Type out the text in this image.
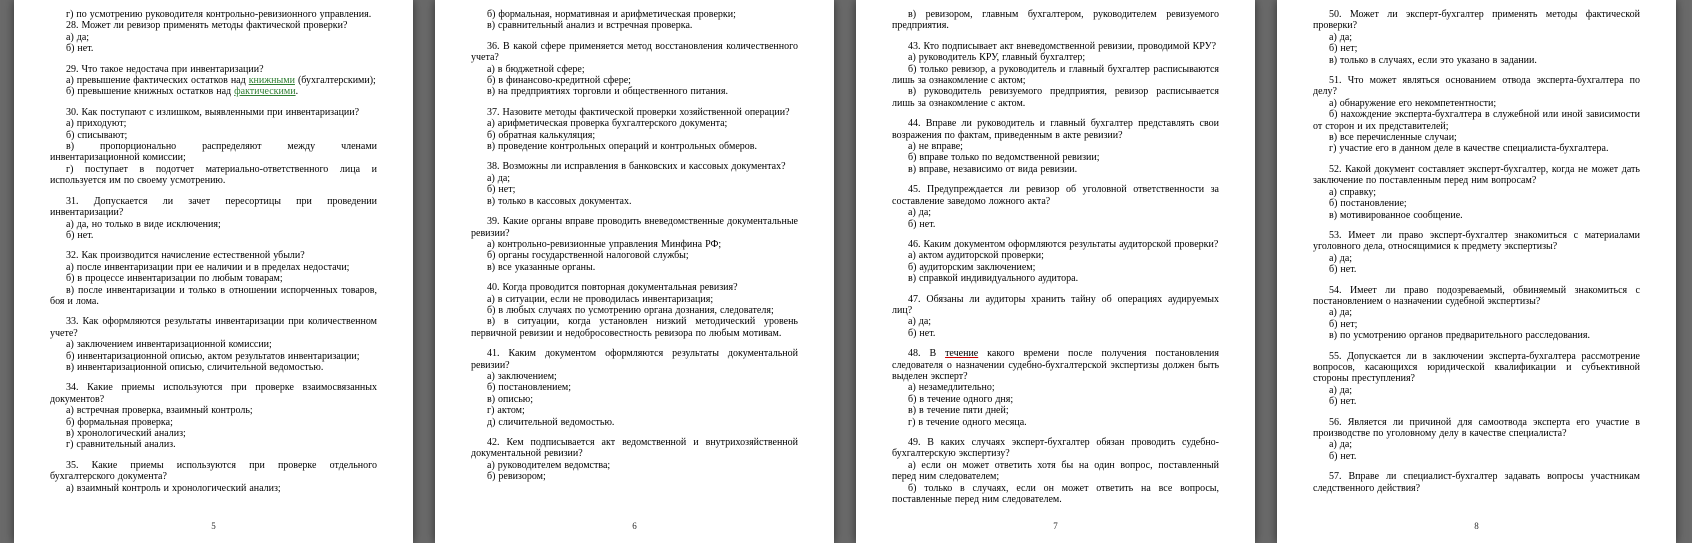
г) по усмотрению руководителя контрольно-ревизионного управления.

28. Может ли ревизор применять методы фактической проверки?

а) да;

б) нет.

29. Что такое недостача при инвентаризации?

а) превышение фактических остатков над книжными (бухгалтерскими);

б) превышение книжных остатков над фактическими.

30. Как поступают с излишком, выявленными при инвентаризации?

а) приходуют;

б) списывают;

в) пропорционально распределяют между членами инвентаризационной комиссии;

г) поступает в подотчет материально-ответственного лица и используется им по своему усмотрению.

31. Допускается ли зачет пересортицы при проведении инвентаризации?

а) да, но только в виде исключения;

б) нет.

32. Как производится начисление естественной убыли?

а) после инвентаризации при ее наличии и в пределах недостачи;

б) в процессе инвентаризации по любым товарам;

в) после инвентаризации и только в отношении испорченных товаров, боя и лома.

33. Как оформляются результаты инвентаризации при количественном учете?

а) заключением инвентаризационной комиссии;

б) инвентаризационной описью, актом результатов инвентаризации;

в) инвентаризационной описью, сличительной ведомостью.

34. Какие приемы используются при проверке взаимосвязанных документов?

а) встречная проверка, взаимный контроль;

б) формальная проверка;

в) хронологический анализ;

г) сравнительный анализ.

35. Какие приемы используются при проверке отдельного бухгалтерского документа?

а) взаимный контроль и хронологический анализ;

5

б) формальная, нормативная и арифметическая проверки;

в) сравнительный анализ и встречная проверка.

36. В какой сфере применяется метод восстановления количественного учета?

а) в бюджетной сфере;

б) в финансово-кредитной сфере;

в) на предприятиях торговли и общественного питания.

37. Назовите методы фактической проверки хозяйственной операции?

а) арифметическая проверка бухгалтерского документа;

б) обратная калькуляция;

в) проведение контрольных операций и контрольных обмеров.

38. Возможны ли исправления в банковских и кассовых документах?

а) да;

б) нет;

в) только в кассовых документах.

39. Какие органы вправе проводить вневедомственные документальные ревизии?

а) контрольно-ревизионные управления Минфина РФ;

б) органы государственной налоговой службы;

в) все указанные органы.

40. Когда проводится повторная документальная ревизия?

а) в ситуации, если не проводилась инвентаризация;

б) в любых случаях по усмотрению органа дознания, следователя;

в) в ситуации, когда установлен низкий методический уровень первичной ревизии и недобросовестность ревизора по любым мотивам.

41. Каким документом оформляются результаты документальной ревизии?

а) заключением;

б) постановлением;

в) описью;

г) актом;

д) сличительной ведомостью.

42. Кем подписывается акт ведомственной и внутрихозяйственной документальной ревизии?

а) руководителем ведомства;

б) ревизором;

6

в) ревизором, главным бухгалтером, руководителем ревизуемого предприятия.

43. Кто подписывает акт вневедомственной ревизии, проводимой КРУ?

а) руководитель КРУ, главный бухгалтер;

б) только ревизор, а руководитель и главный бухгалтер расписываются лишь за ознакомление с актом;

в) руководитель ревизуемого предприятия, ревизор расписывается лишь за ознакомление с актом.

44. Вправе ли руководитель и главный бухгалтер представлять свои возражения по фактам, приведенным в акте ревизии?

а) не вправе;

б) вправе только по ведомственной ревизии;

в) вправе, независимо от вида ревизии.

45. Предупреждается ли ревизор об уголовной ответственности за составление заведомо ложного акта?

а) да;

б) нет.

46. Каким документом оформляются результаты аудиторской проверки?

а) актом аудиторской проверки;

б) аудиторским заключением;

в) справкой индивидуального аудитора.

47. Обязаны ли аудиторы хранить тайну об операциях аудируемых лиц?

а) да;

б) нет.

48. В течение какого времени после получения постановления следователя о назначении судебно-бухгалтерской экспертизы должен быть выделен эксперт?

а) незамедлительно;

б) в течение одного дня;

в) в течение пяти дней;

г) в течение одного месяца.

49. В каких случаях эксперт-бухгалтер обязан проводить судебно-бухгалтерскую экспертизу?

а) если он может ответить хотя бы на один вопрос, поставленный перед ним следователем;

б) только в случаях, если он может ответить на все вопросы, поставленные перед ним следователем.

7

50. Может ли эксперт-бухгалтер применять методы фактической проверки?

а) да;

б) нет;

в) только в случаях, если это указано в задании.

51. Что может являться основанием отвода эксперта-бухгалтера по делу?

а) обнаружение его некомпетентности;

б) нахождение эксперта-бухгалтера в служебной или иной зависимости от сторон и их представителей;

в) все перечисленные случаи;

г) участие его в данном деле в качестве специалиста-бухгалтера.

52. Какой документ составляет эксперт-бухгалтер, когда не может дать заключение по поставленным перед ним вопросам?

а) справку;

б) постановление;

в) мотивированное сообщение.

53. Имеет ли право эксперт-бухгалтер знакомиться с материалами уголовного дела, относящимися к предмету экспертизы?

а) да;

б) нет.

54. Имеет ли право подозреваемый, обвиняемый знакомиться с постановлением о назначении судебной экспертизы?

а) да;

б) нет;

в) по усмотрению органов предварительного расследования.

55. Допускается ли в заключении эксперта-бухгалтера рассмотрение вопросов, касающихся юридической квалификации и субъективной стороны преступления?

а) да;

б) нет.

56. Является ли причиной для самоотвода эксперта его участие в производстве по уголовному делу в качестве специалиста?

а) да;

б) нет.

57. Вправе ли специалист-бухгалтер задавать вопросы участникам следственного действия?

8
